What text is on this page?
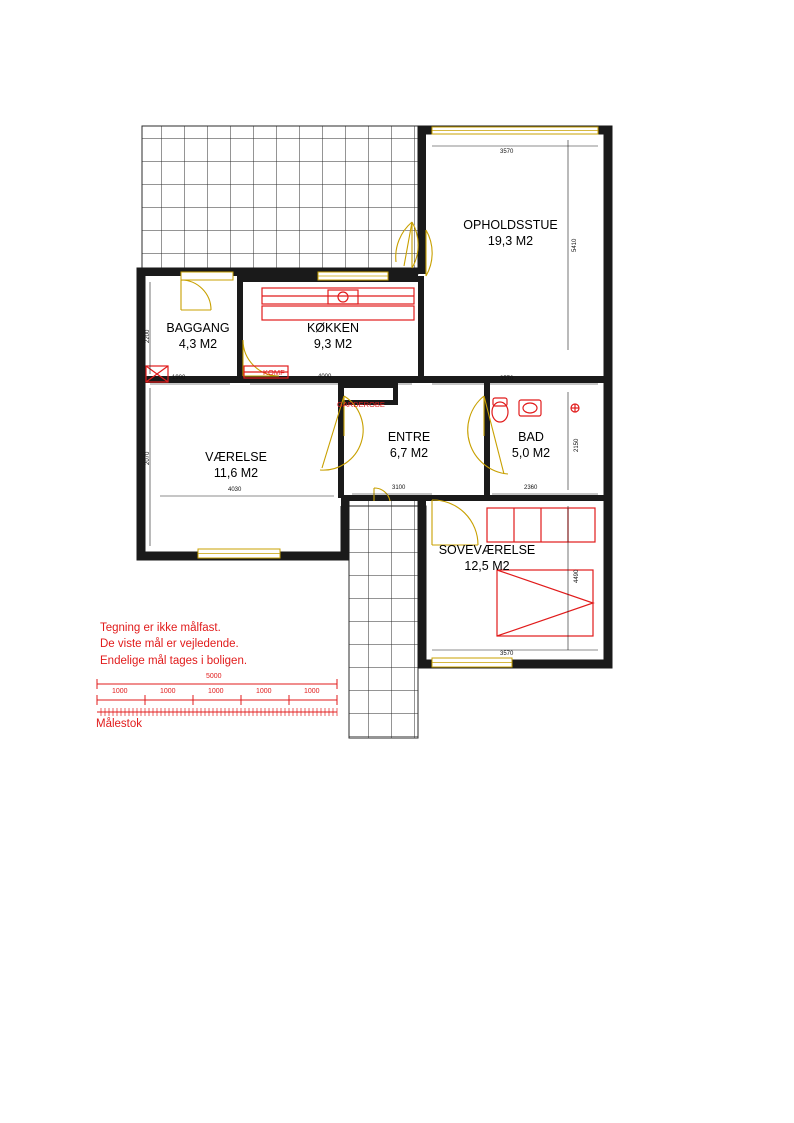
OPHOLDSSTUE
19,3 M2
BAGGANG
4,3 M2
KØKKEN
9,3 M2
VÆRELSE
11,6 M2
ENTRE
6,7 M2
BAD
5,0 M2
SOVEVÆRELSE
12,5 M2
GARDEROBE
KOMF
3570
5410
2200
1900	4000	3570
2070
4030	3100
2150
2360
4490
3570
Tegning er ikke målfast.
De viste mål er vejledende.
Endelige mål tages i boligen.
5000
1000	1000	1000	1000	1000
Målestok
